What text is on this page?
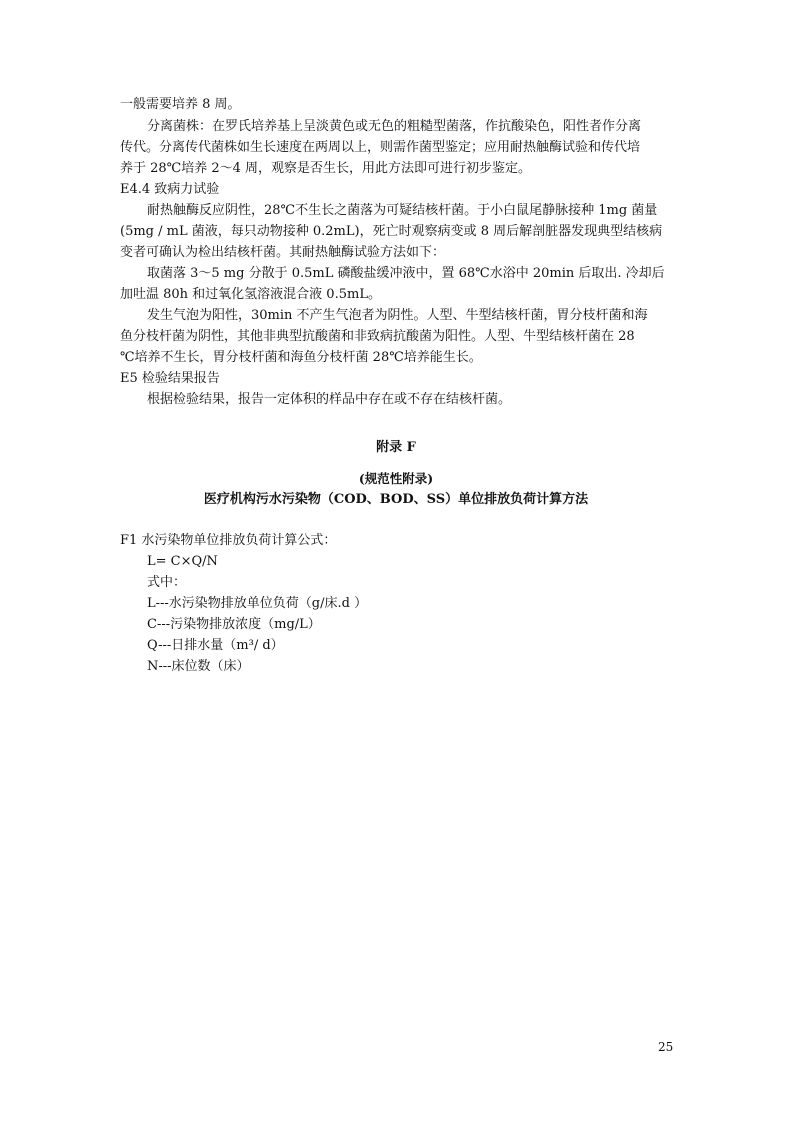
一般需要培养 8 周。
分离菌株：在罗氏培养基上呈淡黄色或无色的粗糙型菌落，作抗酸染色，阳性者作分离
传代。分离传代菌株如生长速度在两周以上，则需作菌型鉴定；应用耐热触酶试验和传代培
养于 28℃培养 2～4 周，观察是否生长，用此方法即可进行初步鉴定。
E4.4 致病力试验
耐热触酶反应阴性，28℃不生长之菌落为可疑结核杆菌。于小白鼠尾静脉接种 1mg 菌量
(5mg / mL 菌液，每只动物接种 0.2mL)，死亡时观察病变或 8 周后解剖脏器发现典型结核病
变者可确认为检出结核杆菌。其耐热触酶试验方法如下：
取菌落 3～5 mg 分散于 0.5mL 磷酸盐缓冲液中，置 68℃水浴中 20min 后取出. 冷却后
加吐温 80h 和过氧化氢溶液混合液 0.5mL。
发生气泡为阳性，30min 不产生气泡者为阴性。人型、牛型结核杆菌，胃分枝杆菌和海
鱼分枝杆菌为阴性，其他非典型抗酸菌和非致病抗酸菌为阳性。人型、牛型结核杆菌在 28
℃培养不生长，胃分枝杆菌和海鱼分枝杆菌 28℃培养能生长。
E5 检验结果报告
根据检验结果，报告一定体积的样品中存在或不存在结核杆菌。
附录 F
(规范性附录)
医疗机构污水污染物（COD、BOD、SS）单位排放负荷计算方法
F1 水污染物单位排放负荷计算公式：
L= C×Q/N
式中：
L---水污染物排放单位负荷（g/床.d ）
C---污染物排放浓度（mg/L）
Q---日排水量（m³/ d）
N---床位数（床）
25
